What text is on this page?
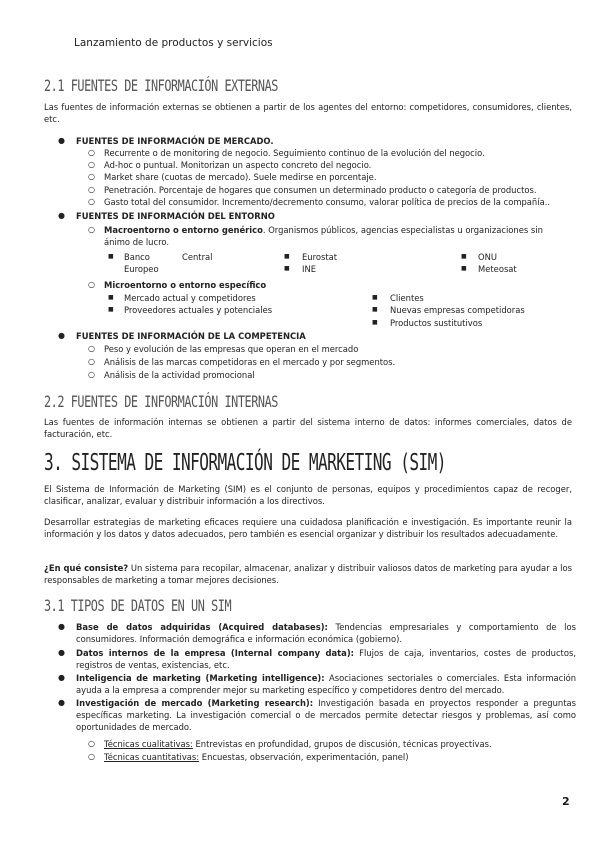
Lanzamiento de productos y servicios
2.1 FUENTES DE INFORMACIÓN EXTERNAS
Las fuentes de información externas se obtienen a partir de los agentes del entorno: competidores, consumidores, clientes, etc.
● FUENTES DE INFORMACIÓN DE MERCADO.
○ Recurrente o de monitoring de negocio. Seguimiento continuo de la evolución del negocio.
○ Ad-hoc o puntual. Monitorizan un aspecto concreto del negocio.
○ Market share (cuotas de mercado). Suele medirse en porcentaje.
○ Penetración. Porcentaje de hogares que consumen un determinado producto o categoría de productos.
○ Gasto total del consumidor. Incremento/decremento consumo, valorar política de precios de la compañía..
● FUENTES DE INFORMACIÓN DEL ENTORNO
○ Macroentorno o entorno genérico. Organismos públicos, agencias especialistas u organizaciones sin
ánimo de lucro.
■ Banco	Central
Europeo
■ Eurostat
■ INE
■ ONU
■ Meteosat
○ Microentorno o entorno específico
■ Mercado actual y competidores
■ Proveedores actuales y potenciales
■ Clientes
■ Nuevas empresas competidoras
■ Productos sustitutivos
● FUENTES DE INFORMACIÓN DE LA COMPETENCIA
○ Peso y evolución de las empresas que operan en el mercado
○ Análisis de las marcas competidoras en el mercado y por segmentos.
○ Análisis de la actividad promocional
2.2 FUENTES DE INFORMACIÓN INTERNAS
Las fuentes de información internas se obtienen a partir del sistema interno de datos: informes comerciales, datos de facturación, etc.
3. SISTEMA DE INFORMACIÓN DE MARKETING (SIM)
El Sistema de Información de Marketing (SIM) es el conjunto de personas, equipos y procedimientos capaz de recoger, clasificar, analizar, evaluar y distribuir información a los directivos.
Desarrollar estrategias de marketing eficaces requiere una cuidadosa planificación e investigación. Es importante reunir la información y los datos y datos adecuados, pero también es esencial organizar y distribuir los resultados adecuadamente.
¿En qué consiste? Un sistema para recopilar, almacenar, analizar y distribuir valiosos datos de marketing para ayudar a los responsables de marketing a tomar mejores decisiones.
3.1 TIPOS DE DATOS EN UN SIM
● Base de datos adquiridas (Acquired databases): Tendencias empresariales y comportamiento de los consumidores. Información demográfica e información económica (gobierno).
● Datos internos de la empresa (Internal company data): Flujos de caja, inventarios, costes de productos, registros de ventas, existencias, etc.
● Inteligencia de marketing (Marketing intelligence): Asociaciones sectoriales o comerciales. Esta información ayuda a la empresa a comprender mejor su marketing específico y competidores dentro del mercado.
● Investigación de mercado (Marketing research): Investigación basada en proyectos responder a preguntas específicas marketing. La investigación comercial o de mercados permite detectar riesgos y problemas, así como oportunidades de mercado.
○ Técnicas cualitativas: Entrevistas en profundidad, grupos de discusión, técnicas proyectivas.
○ Técnicas cuantitativas: Encuestas, observación, experimentación, panel)
2
